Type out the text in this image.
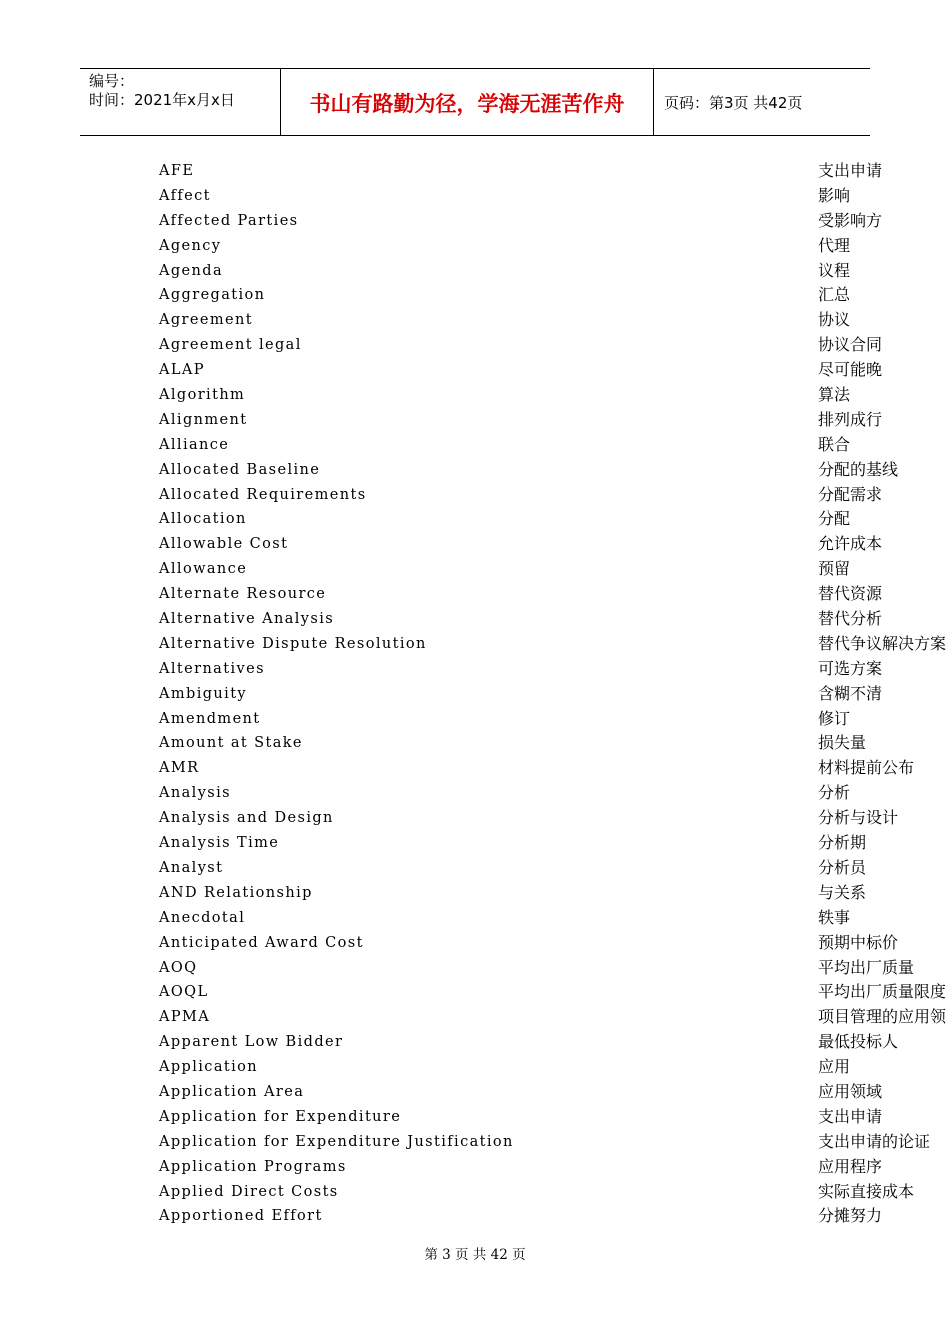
编号：
时间：2021年x月x日	书山有路勤为径，学海无涯苦作舟	页码：第3页 共42页
AFE	支出申请
Affect	影响
Affected Parties	受影响方
Agency	代理
Agenda	议程
Aggregation	汇总
Agreement	协议
Agreement legal	协议合同
ALAP	尽可能晚
Algorithm	算法
Alignment	排列成行
Alliance	联合
Allocated Baseline	分配的基线
Allocated Requirements	分配需求
Allocation	分配
Allowable Cost	允许成本
Allowance	预留
Alternate Resource	替代资源
Alternative Analysis	替代分析
Alternative Dispute Resolution	替代争议解决方案
Alternatives	可选方案
Ambiguity	含糊不清
Amendment	修订
Amount at Stake	损失量
AMR	材料提前公布
Analysis	分析
Analysis and Design	分析与设计
Analysis Time	分析期
Analyst	分析员
AND Relationship	与关系
Anecdotal	轶事
Anticipated Award Cost	预期中标价
AOQ	平均出厂质量
AOQL	平均出厂质量限度
APMA	项目管理的应用领
Apparent Low Bidder	最低投标人
Application	应用
Application Area	应用领域
Application for Expenditure	支出申请
Application for Expenditure Justification	支出申请的论证
Application Programs	应用程序
Applied Direct Costs	实际直接成本
Apportioned Effort	分摊努力
第 3 页 共 42 页
